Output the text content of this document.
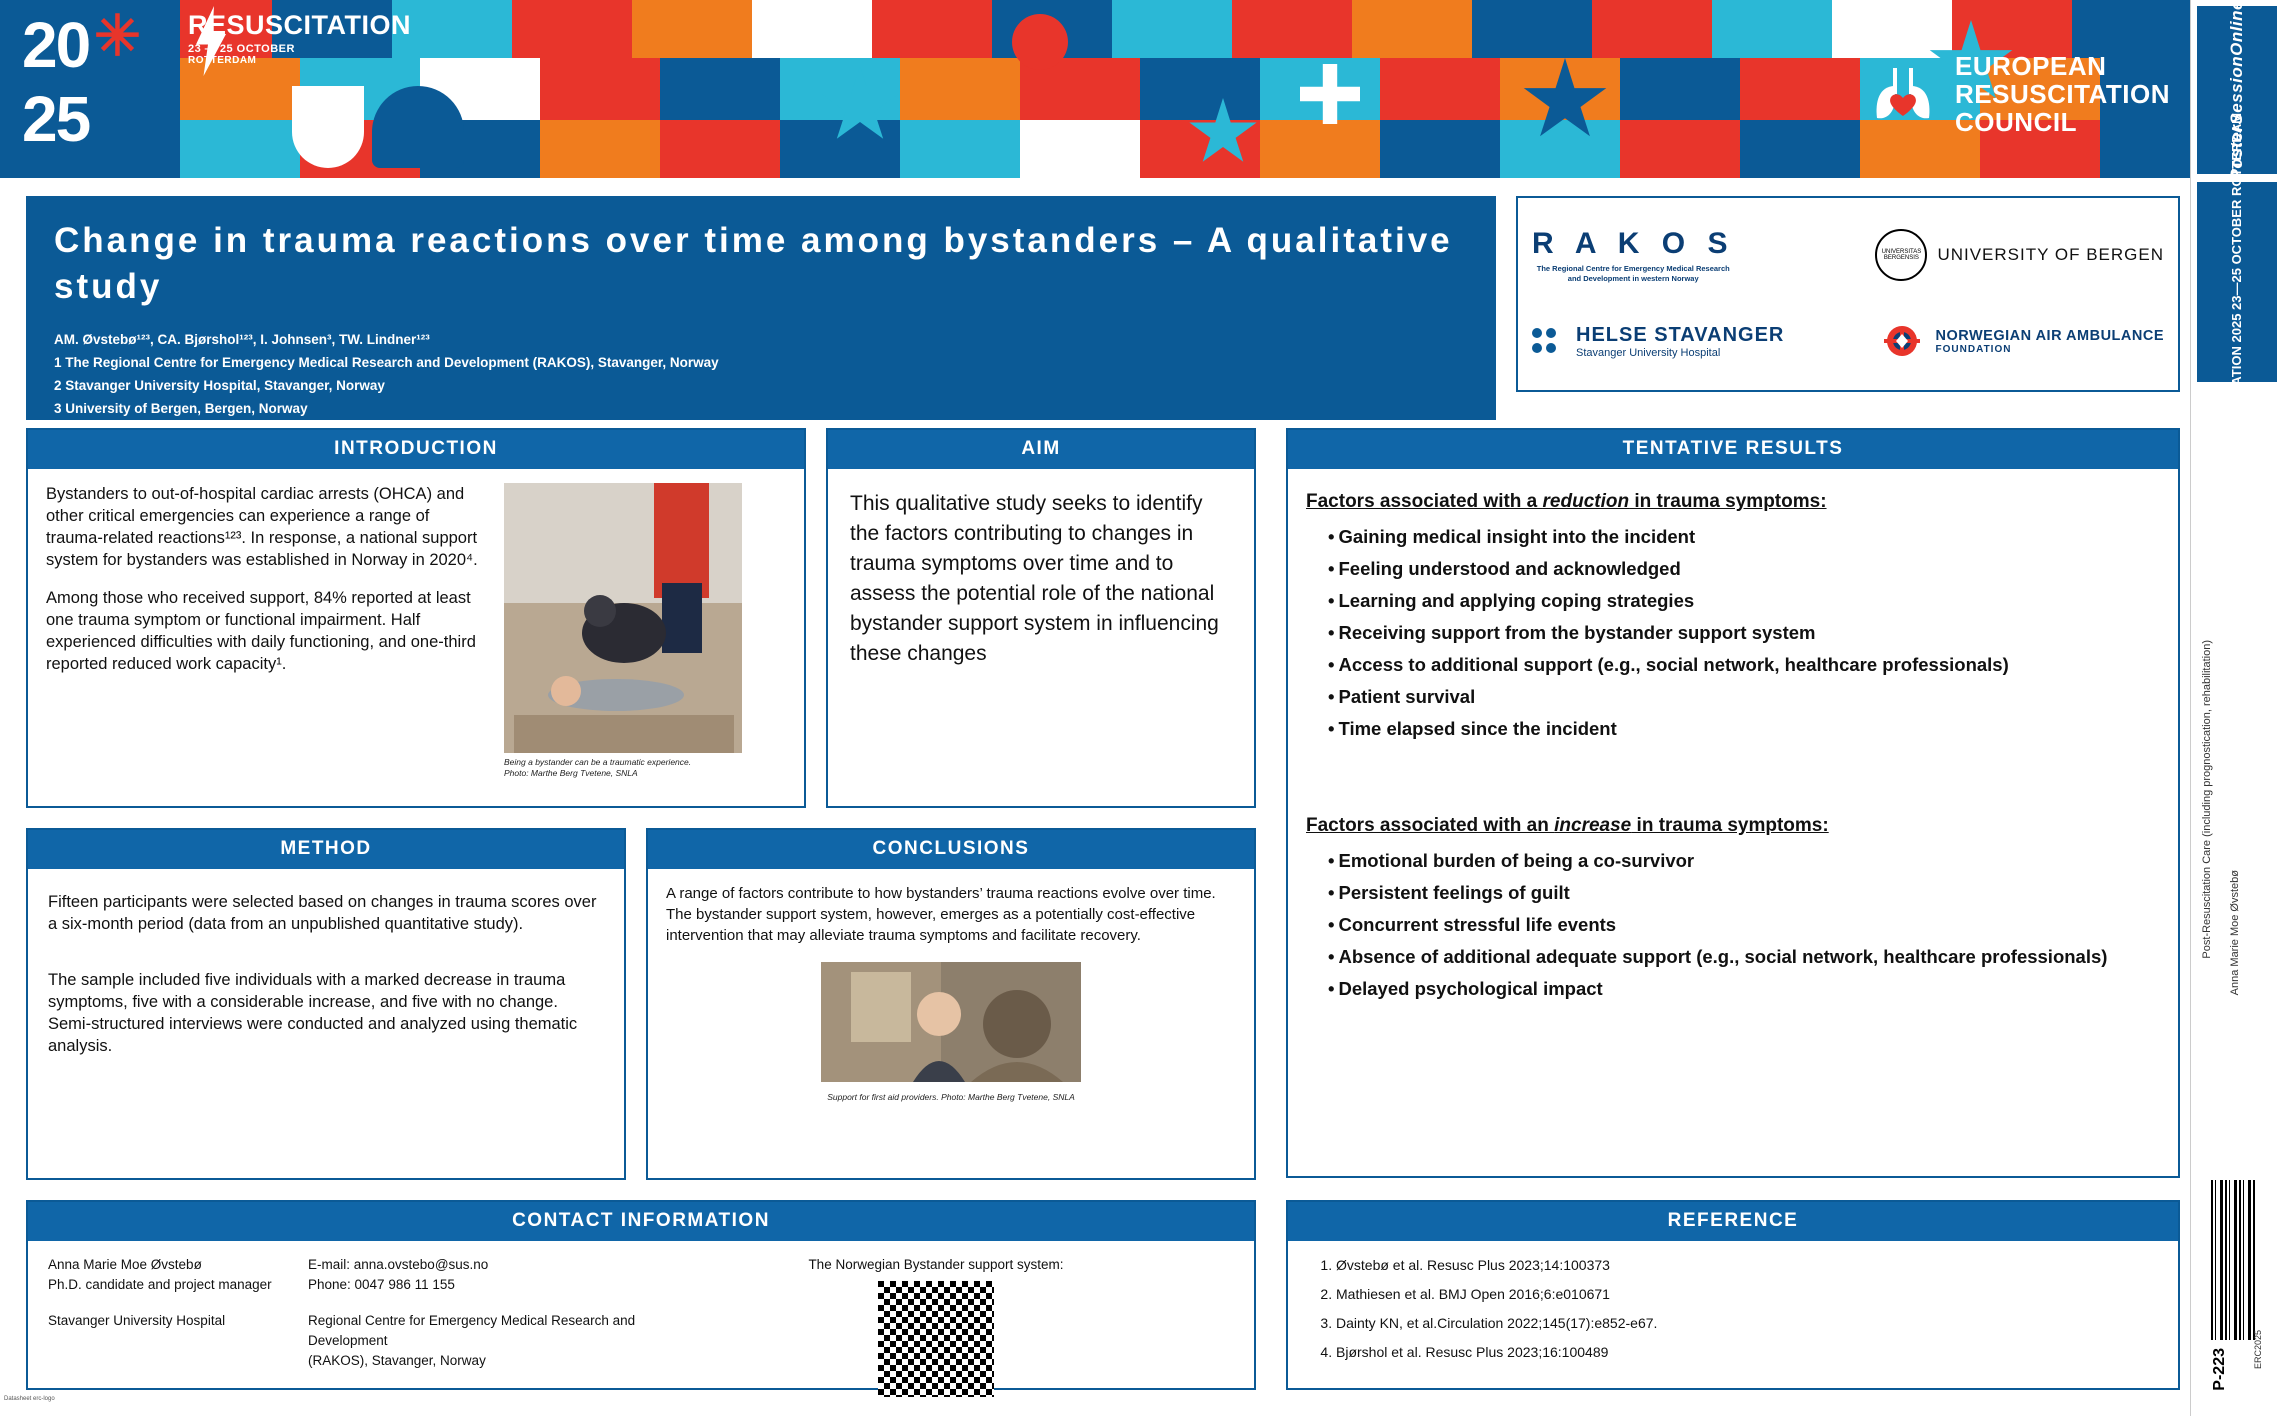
20 ✳
25
RESUSCITATION
23 — 25 OCTOBER
ROTTERDAM	EUROPEAN
RESUSCITATION
COUNCIL	PosterSessionOnline
RESUSCITATION 2025 23—25 OCTOBER ROTTERDAM
Post-Resuscitation Care (including prognostication, rehabilitation)	Anna Marie Moe Øvstebø
P-223	ERC2025
Change in trauma reactions over time among bystanders – A qualitative study
AM. Øvstebø¹²³, CA. Bjørshol¹²³, I. Johnsen³, TW. Lindner¹²³
1 The Regional Centre for Emergency Medical Research and Development (RAKOS), Stavanger, Norway
2 Stavanger University Hospital, Stavanger, Norway
3 University of Bergen, Bergen, Norway
R A K O S
The Regional Centre for Emergency Medical Research
and Development in western Norway
UNIVERSITAS BERGENSIS	UNIVERSITY OF BERGEN
HELSE STAVANGER
Stavanger University Hospital
NORWEGIAN AIR AMBULANCE
FOUNDATION
INTRODUCTION

Bystanders to out-of-hospital cardiac arrests (OHCA) and other critical emergencies can experience a range of trauma-related reactions¹²³. In response, a national support system for bystanders was established in Norway in 2020⁴.

Among those who received support, 84% reported at least one trauma symptom or functional impairment. Half experienced difficulties with daily functioning, and one-third reported reduced work capacity¹.

Being a bystander can be a traumatic experience.
Photo: Marthe Berg Tvetene, SNLA
AIM

This qualitative study seeks to identify the factors contributing to changes in trauma symptoms over time and to assess the potential role of the national bystander support system in influencing these changes

TENTATIVE RESULTS
Factors associated with a reduction in trauma symptoms:
• Gaining medical insight into the incident
• Feeling understood and acknowledged
• Learning and applying coping strategies
• Receiving support from the bystander support system
• Access to additional support (e.g., social network, healthcare professionals)
• Patient survival
• Time elapsed since the incident
Factors associated with an increase in trauma symptoms:
• Emotional burden of being a co-survivor
• Persistent feelings of guilt
• Concurrent stressful life events
• Absence of additional adequate support (e.g., social network, healthcare professionals)
• Delayed psychological impact
METHOD

Fifteen participants were selected based on changes in trauma scores over a six-month period (data from an unpublished quantitative study).

The sample included five individuals with a marked decrease in trauma symptoms, five with a considerable increase, and five with no change. Semi-structured interviews were conducted and analyzed using thematic analysis.

CONCLUSIONS

A range of factors contribute to how bystanders’ trauma reactions evolve over time. The bystander support system, however, emerges as a potentially cost-effective intervention that may alleviate trauma symptoms and facilitate recovery.

Support for first aid providers. Photo: Marthe Berg Tvetene, SNLA
CONTACT INFORMATION
Anna Marie Moe Øvstebø
Ph.D. candidate and project manager
Stavanger University Hospital
E-mail: anna.ovstebo@sus.no
Phone: 0047 986 11 155
Regional Centre for Emergency Medical Research and Development
(RAKOS), Stavanger, Norway
The Norwegian Bystander support system:
REFERENCE
1. Øvstebø et al. Resusc Plus 2023;14:100373
2. Mathiesen et al. BMJ Open 2016;6:e010671
3. Dainty KN, et al.Circulation 2022;145(17):e852-e67.
4. Bjørshol et al. Resusc Plus 2023;16:100489
Datasheet erc-logo
